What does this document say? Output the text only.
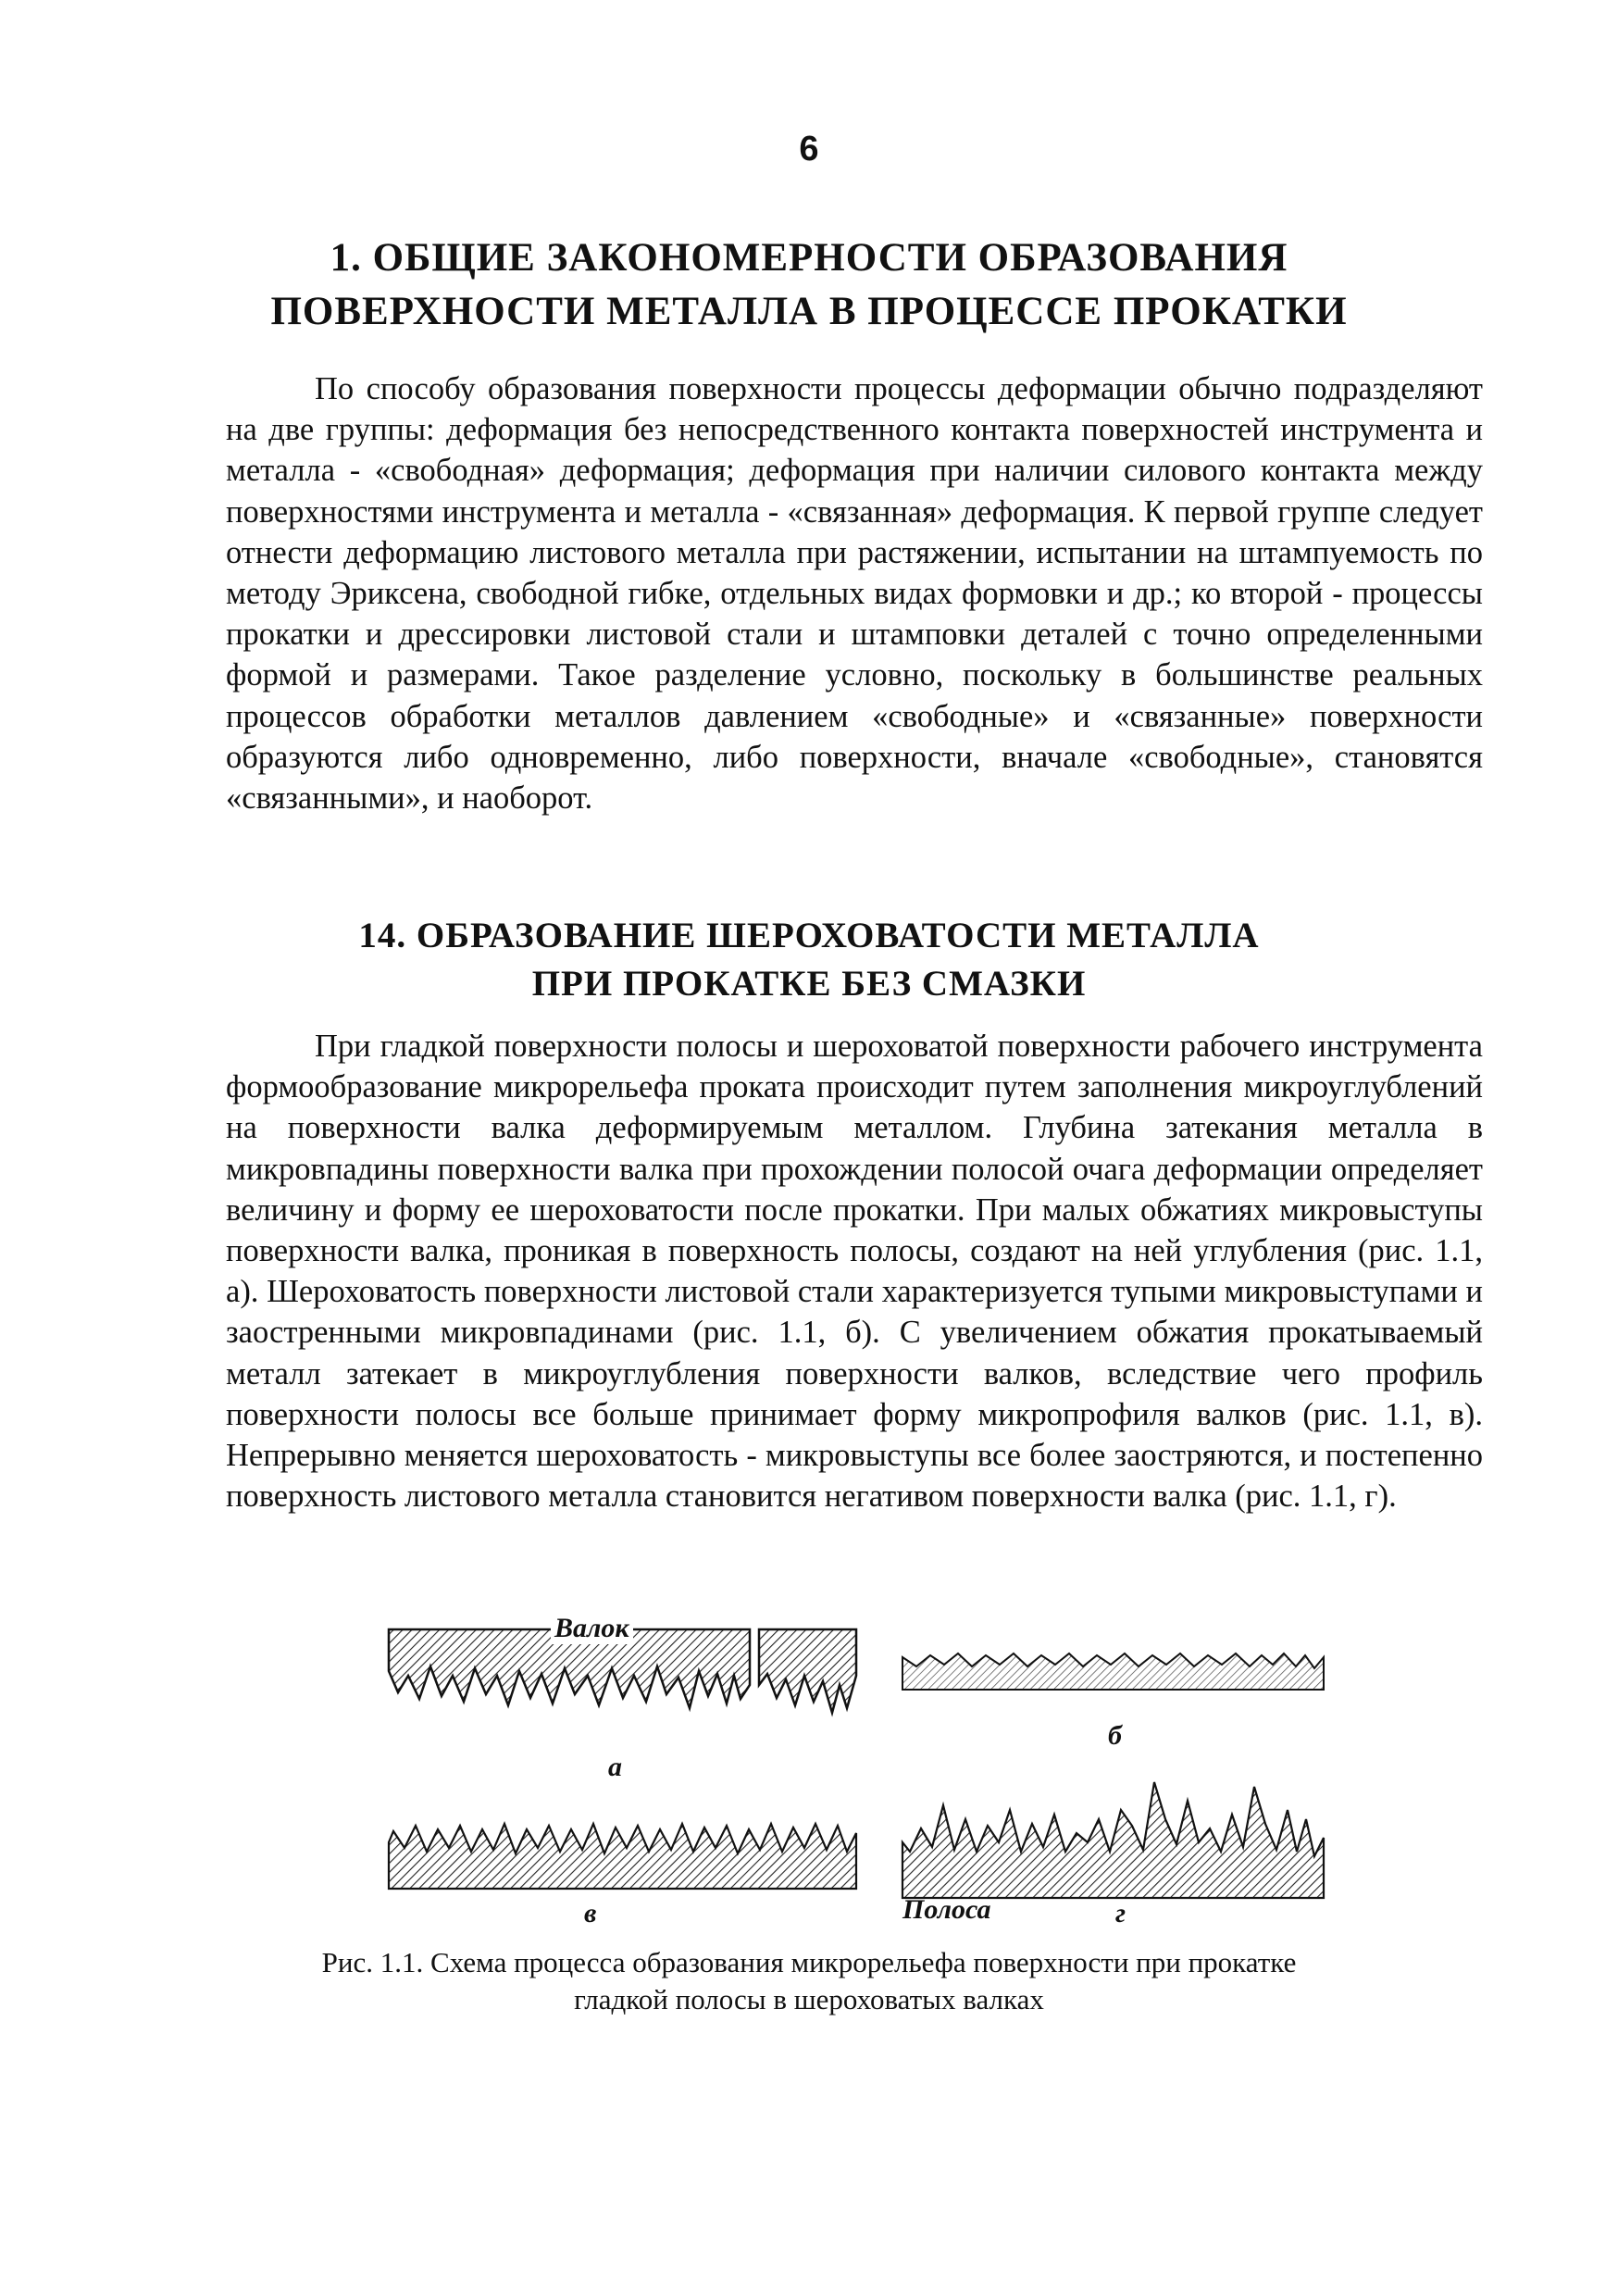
6
1. ОБЩИЕ ЗАКОНОМЕРНОСТИ ОБРАЗОВАНИЯ
ПОВЕРХНОСТИ МЕТАЛЛА В ПРОЦЕССЕ ПРОКАТКИ

По способу образования поверхности процессы деформации обычно подразделяют на две группы: деформация без непосредственного контакта поверхностей инструмента и металла - «свободная» деформация; деформация при наличии силового контакта между поверхностями инструмента и металла - «связанная» деформация. К первой группе следует отнести деформацию листового металла при растяжении, испытании на штампуемость по методу Эриксена, свободной гибке, отдельных видах формовки и др.; ко второй - процессы прокатки и дрессировки листовой стали и штамповки деталей с точно определенными формой и размерами. Такое разделение условно, поскольку в большинстве реальных процессов обработки металлов давлением «свободные» и «связанные» поверхности образуются либо одновременно, либо поверхности, вначале «свободные», становятся «связанными», и наоборот.

14. ОБРАЗОВАНИЕ ШЕРОХОВАТОСТИ МЕТАЛЛА
ПРИ ПРОКАТКЕ БЕЗ СМАЗКИ

При гладкой поверхности полосы и шероховатой поверхности рабочего инструмента формообразование микрорельефа проката происходит путем заполнения микроуглублений на поверхности валка деформируемым металлом. Глубина затекания металла в микровпадины поверхности валка при прохождении полосой очага деформации определяет величину и форму ее шероховатости после прокатки. При малых обжатиях микровыступы поверхности валка, проникая в поверхность полосы, создают на ней углубления (рис. 1.1, а). Шероховатость поверхности листовой стали характеризуется тупыми микровыступами и заостренными микровпадинами (рис. 1.1, б). С увеличением обжатия прокатываемый металл затекает в микроуглубления поверхности валков, вследствие чего профиль поверхности полосы все больше принимает форму микропрофиля валков (рис. 1.1, в). Непрерывно меняется шероховатость - микровыступы все более заостряются, и постепенно поверхность листового металла становится негативом поверхности валка (рис. 1.1, г).

Валок
а
б
в	Полоса	г

Рис. 1.1. Схема процесса образования микрорельефа поверхности при прокатке
гладкой полосы в шероховатых валках
